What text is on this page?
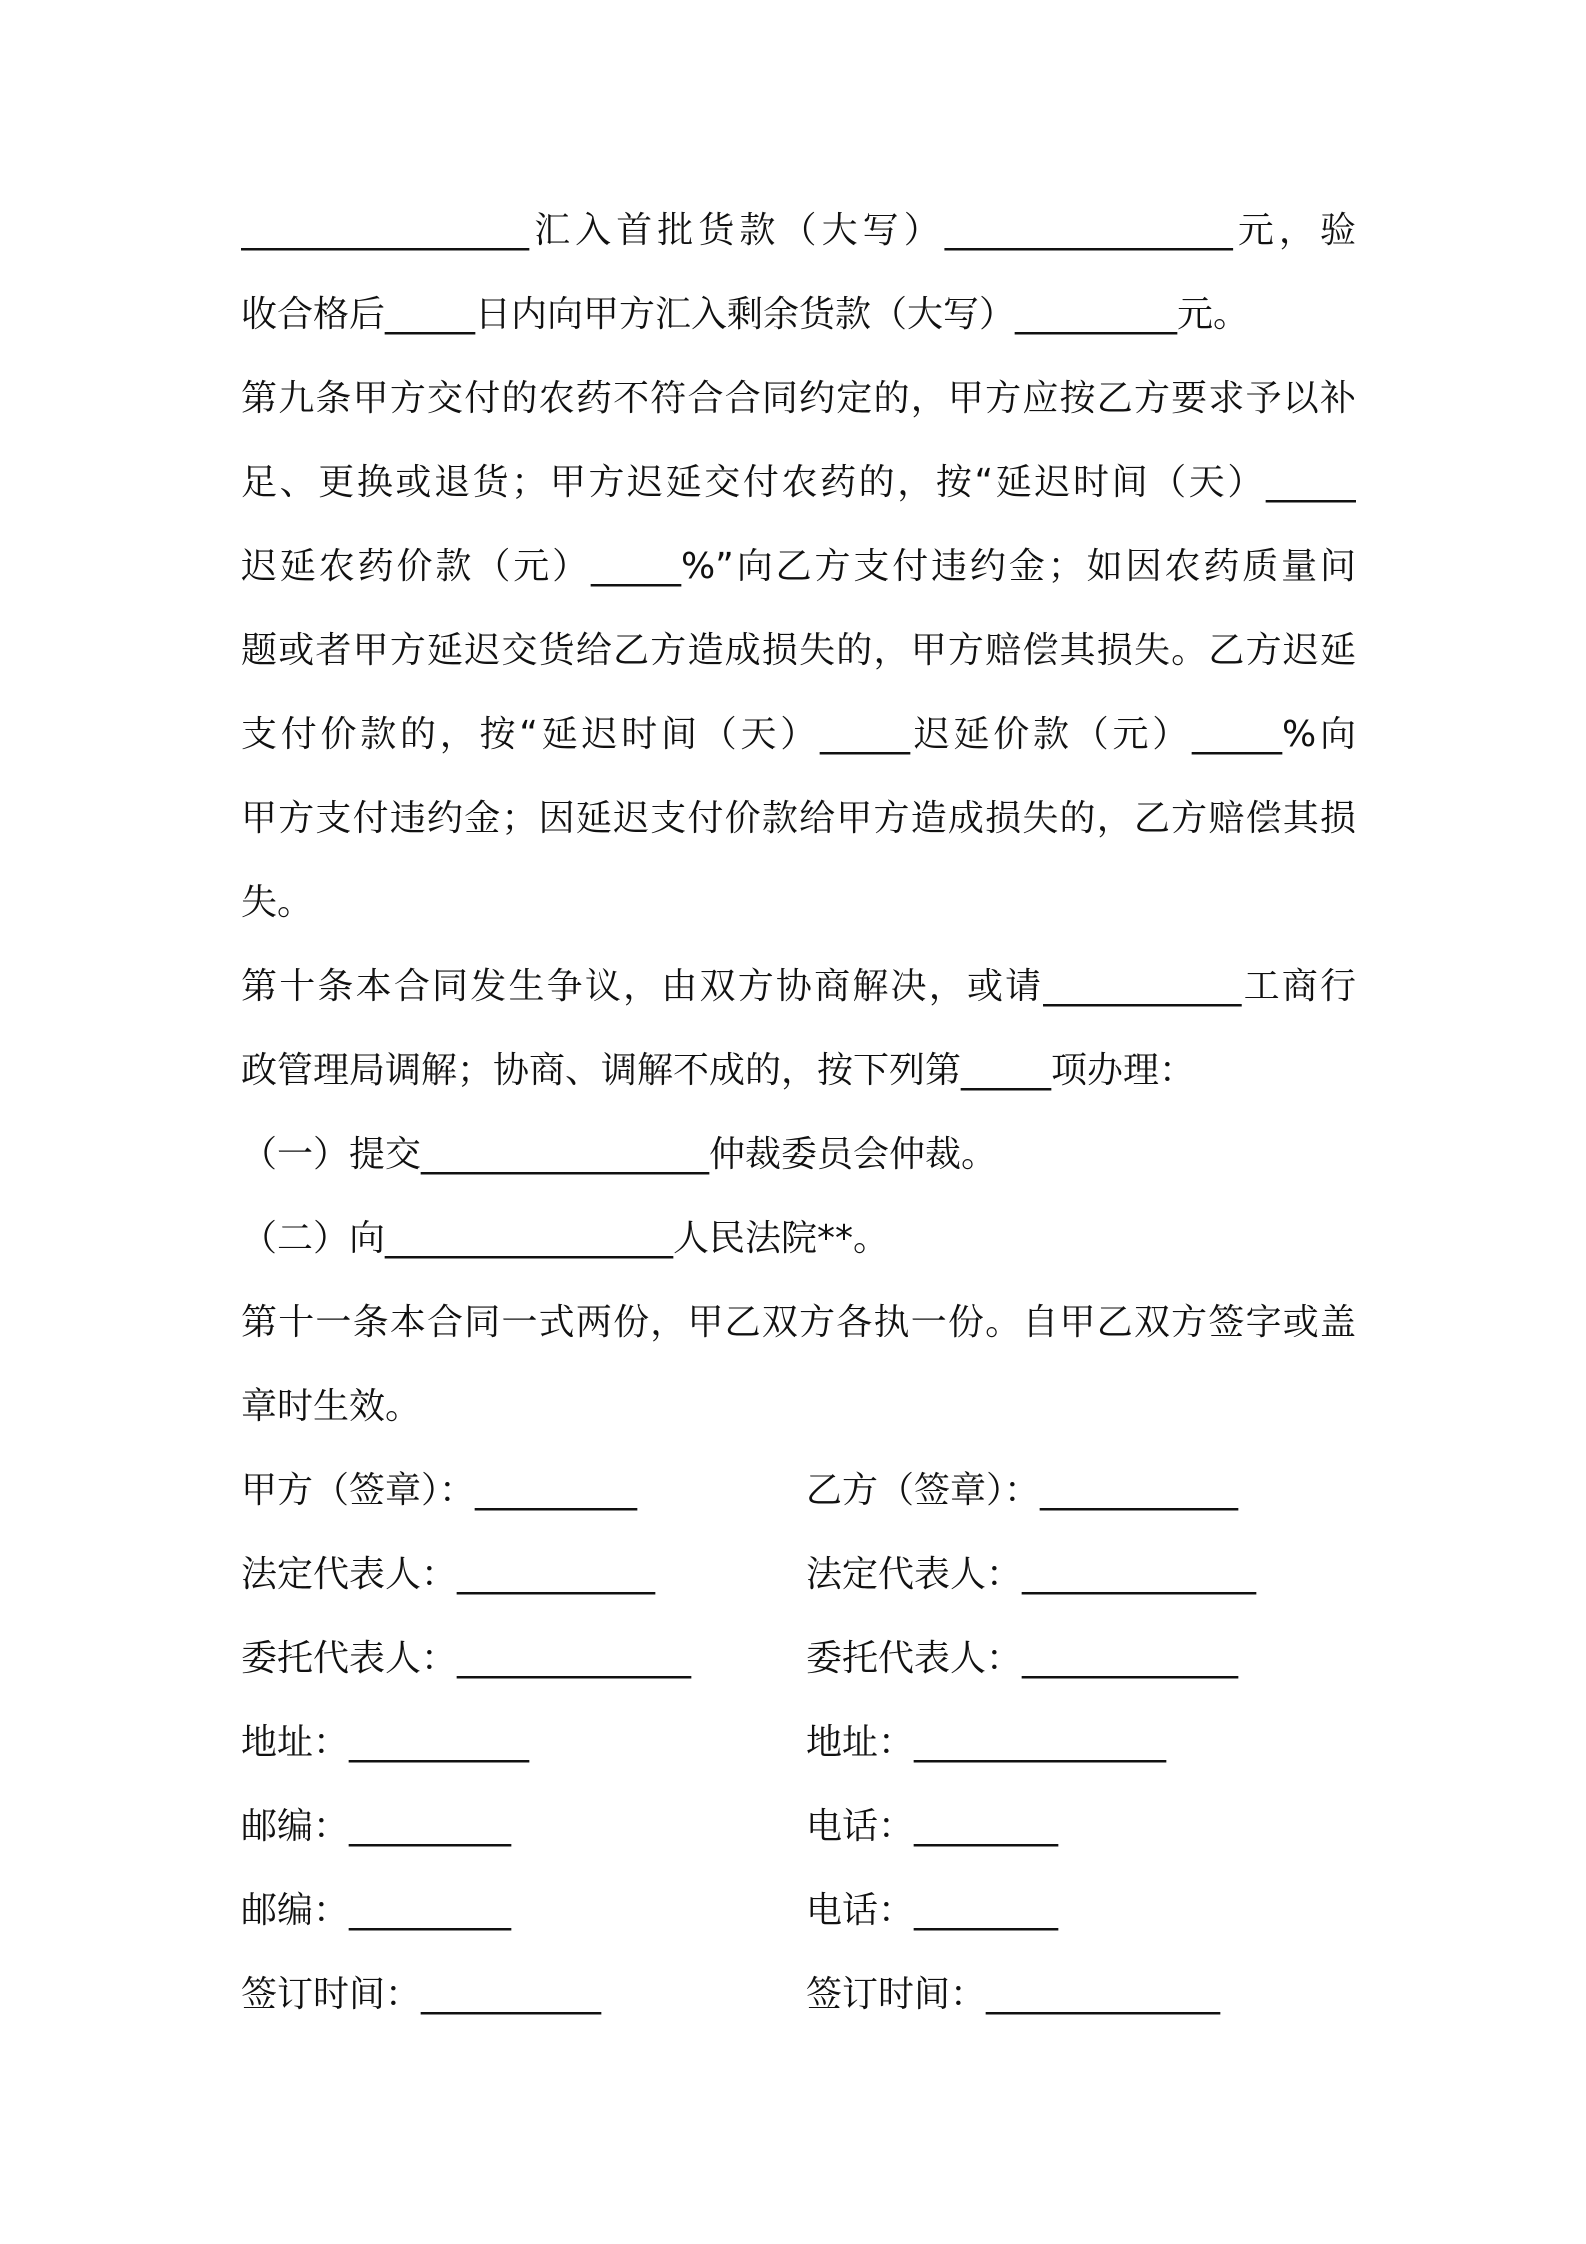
________________汇入首批货款（大写）________________元，验
收合格后_____日内向甲方汇入剩余货款（大写）_________元。
第九条甲方交付的农药不符合合同约定的，甲方应按乙方要求予以补
足、更换或退货；甲方迟延交付农药的，按“延迟时间（天）_____
迟延农药价款（元）_____%”向乙方支付违约金；如因农药质量问
题或者甲方延迟交货给乙方造成损失的，甲方赔偿其损失。乙方迟延
支付价款的，按“延迟时间（天）_____迟延价款（元）_____%向
甲方支付违约金；因延迟支付价款给甲方造成损失的，乙方赔偿其损
失。
第十条本合同发生争议，由双方协商解决，或请___________工商行
政管理局调解；协商、调解不成的，按下列第_____项办理：
（一）提交________________仲裁委员会仲裁。
（二）向________________人民法院**。
第十一条本合同一式两份，甲乙双方各执一份。自甲乙双方签字或盖
章时生效。
甲方（签章）：_________
法定代表人：___________
委托代表人：_____________
地址：__________
邮编：_________
邮编：_________
签订时间：__________
乙方（签章）：___________
法定代表人：_____________
委托代表人：____________
地址：______________
电话：________
电话：________
签订时间：_____________
